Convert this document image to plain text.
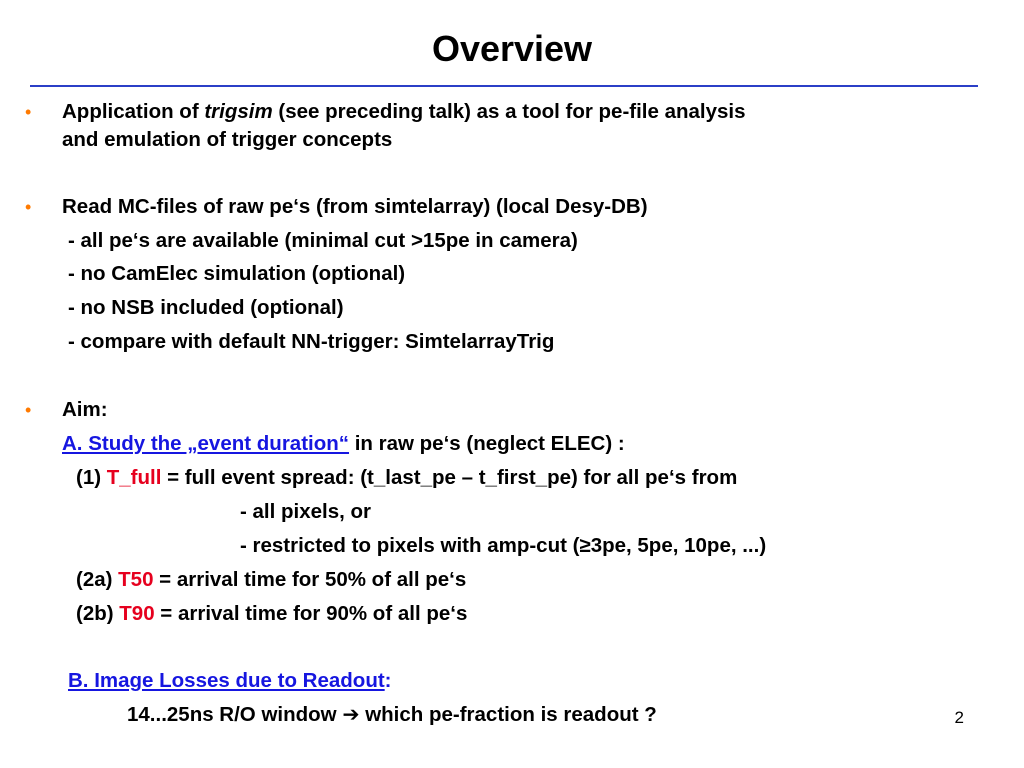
Overview
• Application of trigsim (see preceding talk) as a tool for pe-file analysis
and emulation of trigger concepts
• Read MC-files of raw pe‘s (from simtelarray) (local Desy-DB)
- all pe‘s are available (minimal cut >15pe in camera)
- no CamElec simulation (optional)
- no NSB included (optional)
- compare with default NN-trigger: SimtelarrayTrig
• Aim:
A. Study the „event duration“ in raw pe‘s (neglect ELEC) :
(1) T_full = full event spread: (t_last_pe – t_first_pe) for all pe‘s from
- all pixels, or
- restricted to pixels with amp-cut (≥3pe, 5pe, 10pe, ...)
(2a) T50 = arrival time for 50% of all pe‘s
(2b) T90 = arrival time for 90% of all pe‘s
B. Image Losses due to Readout:
14...25ns R/O window ➔ which pe-fraction is readout ?	2
